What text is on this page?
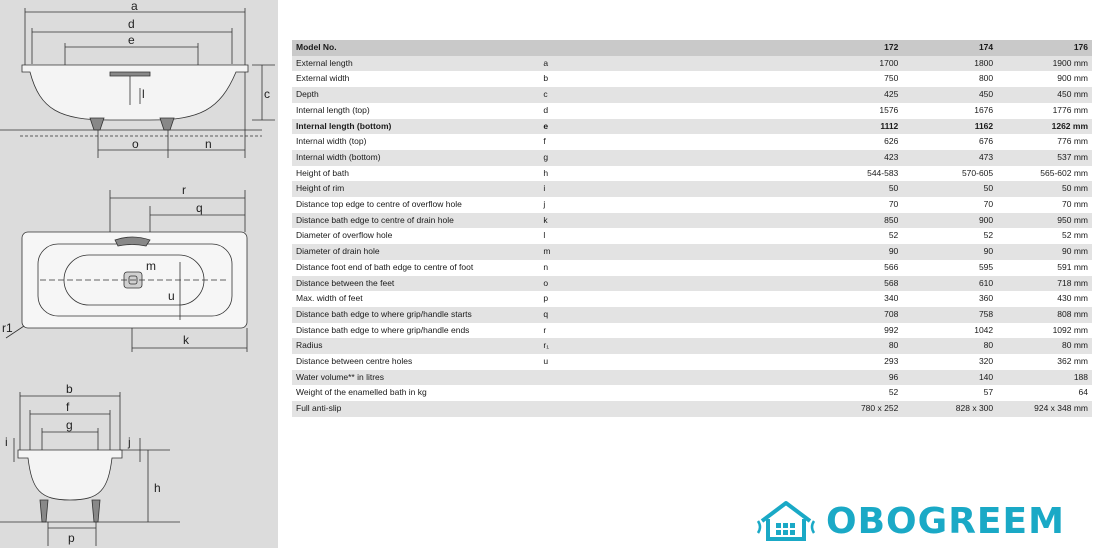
a
d
e
c
l
o	n
r
q
m
u
k
r1
b
f
g
i	j
h
p
Model No.		172	174	176
External length	a	1700	1800	1900 mm
External width	b	750	800	900 mm
Depth	c	425	450	450 mm
Internal length (top)	d	1576	1676	1776 mm
Internal length (bottom)	e	1112	1162	1262 mm
Internal width (top)	f	626	676	776 mm
Internal width (bottom)	g	423	473	537 mm
Height of bath	h	544-583	570-605	565-602 mm
Height of rim	i	50	50	50 mm
Distance top edge to centre of overflow hole	j	70	70	70 mm
Distance bath edge to centre of drain hole	k	850	900	950 mm
Diameter of overflow hole	l	52	52	52 mm
Diameter of drain hole	m	90	90	90 mm
Distance foot end of bath edge to centre of foot	n	566	595	591 mm
Distance between the feet	o	568	610	718 mm
Max. width of feet	p	340	360	430 mm
Distance bath edge to where grip/handle starts	q	708	758	808 mm
Distance bath edge to where grip/handle ends	r	992	1042	1092 mm
Radius	r₁	80	80	80 mm
Distance between centre holes	u	293	320	362 mm
Water volume** in litres		96	140	188
Weight of the enamelled bath in kg		52	57	64
Full anti-slip		780 x 252	828 x 300	924 x 348 mm
OBOGREEM
